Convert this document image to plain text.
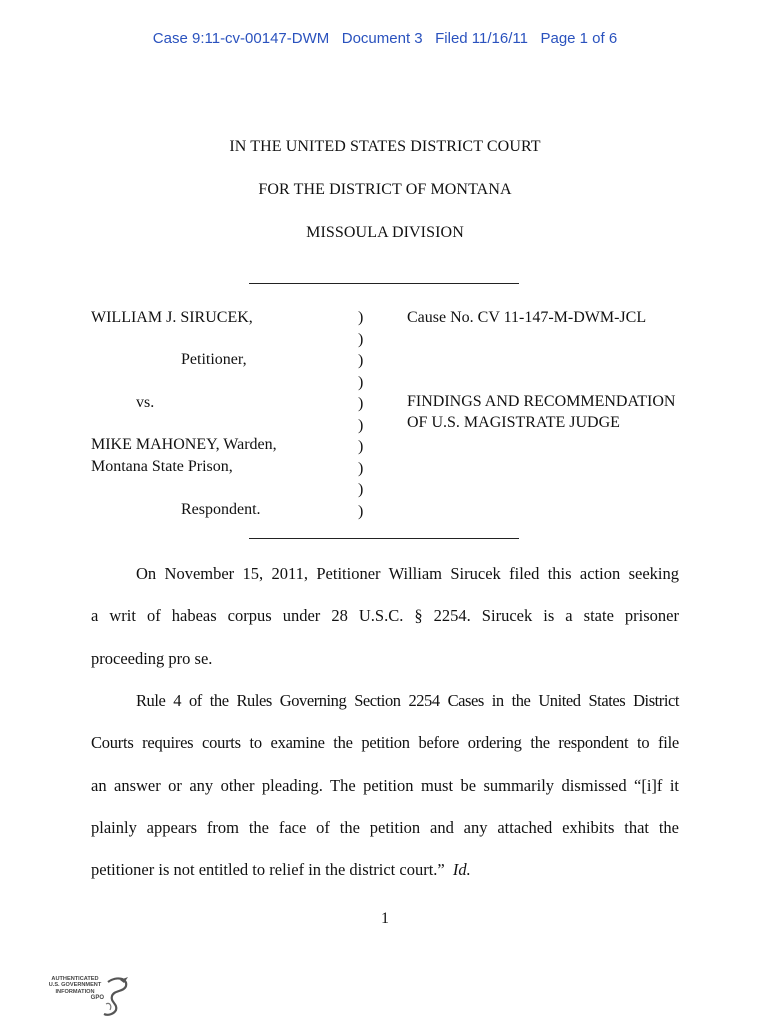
Case 9:11-cv-00147-DWM   Document 3   Filed 11/16/11   Page 1 of 6
IN THE UNITED STATES DISTRICT COURT
FOR THE DISTRICT OF MONTANA
MISSOULA DIVISION
WILLIAM J. SIRUCEK,
Petitioner,
vs.
MIKE MAHONEY, Warden,
Montana State Prison,
Respondent.
)
)
)
)
)
)
)
)
)
)
Cause No. CV 11-147-M-DWM-JCL
FINDINGS AND RECOMMENDATION
OF U.S. MAGISTRATE JUDGE
On November 15, 2011, Petitioner William Sirucek filed this action seeking
a writ of habeas corpus under 28 U.S.C. § 2254. Sirucek is a state prisoner
proceeding pro se.
Rule 4 of the Rules Governing Section 2254 Cases in the United States District
Courts requires courts to examine the petition before ordering the respondent to file
an answer or any other pleading. The petition must be summarily dismissed “[i]f it
plainly appears from the face of the petition and any attached exhibits that the
petitioner is not entitled to relief in the district court.” Id.
1
AUTHENTICATED
U.S. GOVERNMENT
INFORMATION
GPO
